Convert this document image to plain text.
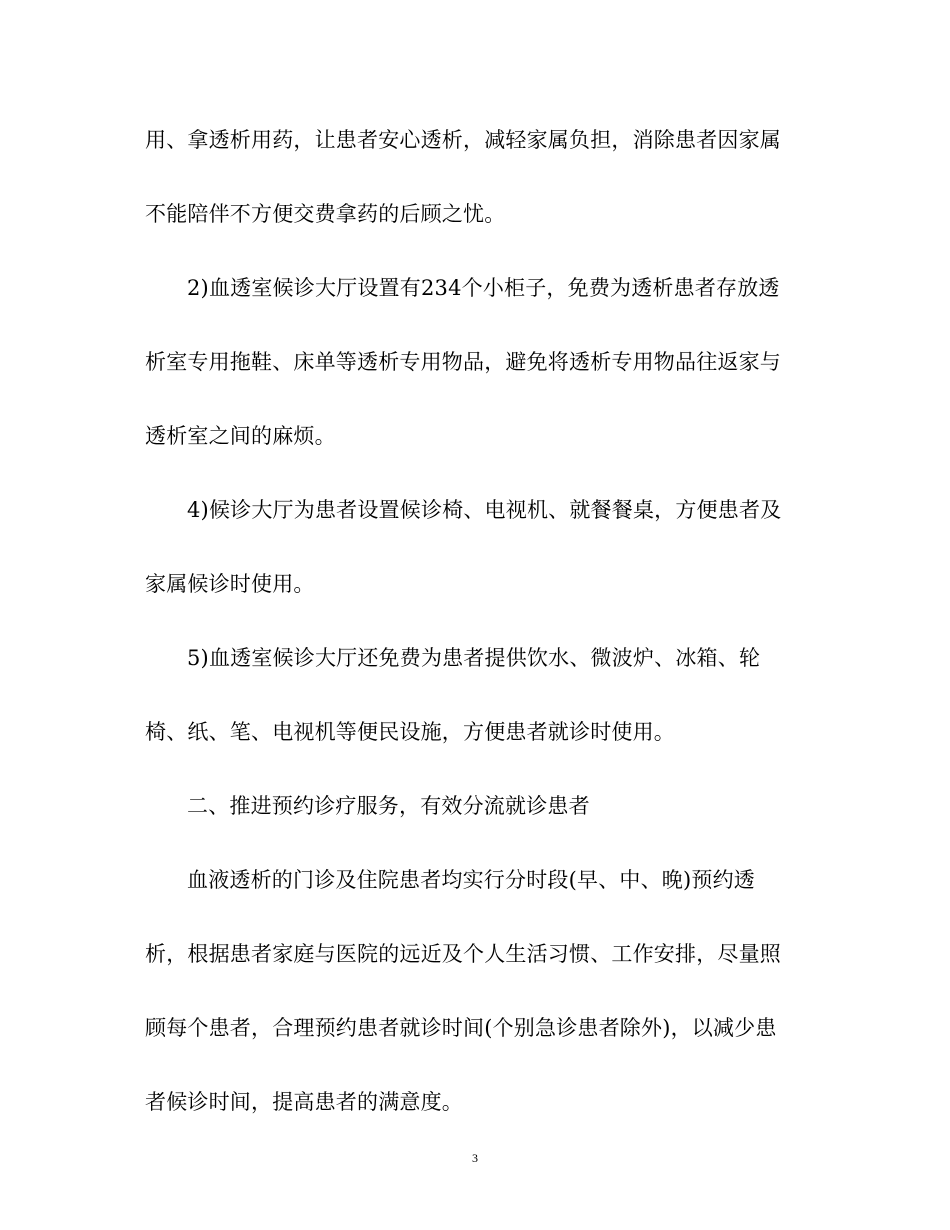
用、拿透析用药，让患者安心透析，减轻家属负担，消除患者因家属
不能陪伴不方便交费拿药的后顾之忧。
2)血透室候诊大厅设置有234个小柜子，免费为透析患者存放透
析室专用拖鞋、床单等透析专用物品，避免将透析专用物品往返家与
透析室之间的麻烦。
4)候诊大厅为患者设置候诊椅、电视机、就餐餐桌，方便患者及
家属候诊时使用。
5)血透室候诊大厅还免费为患者提供饮水、微波炉、冰箱、轮
椅、纸、笔、电视机等便民设施，方便患者就诊时使用。
二、推进预约诊疗服务，有效分流就诊患者
血液透析的门诊及住院患者均实行分时段(早、中、晚)预约透
析，根据患者家庭与医院的远近及个人生活习惯、工作安排，尽量照
顾每个患者，合理预约患者就诊时间(个别急诊患者除外)，以减少患
者候诊时间，提高患者的满意度。
3
